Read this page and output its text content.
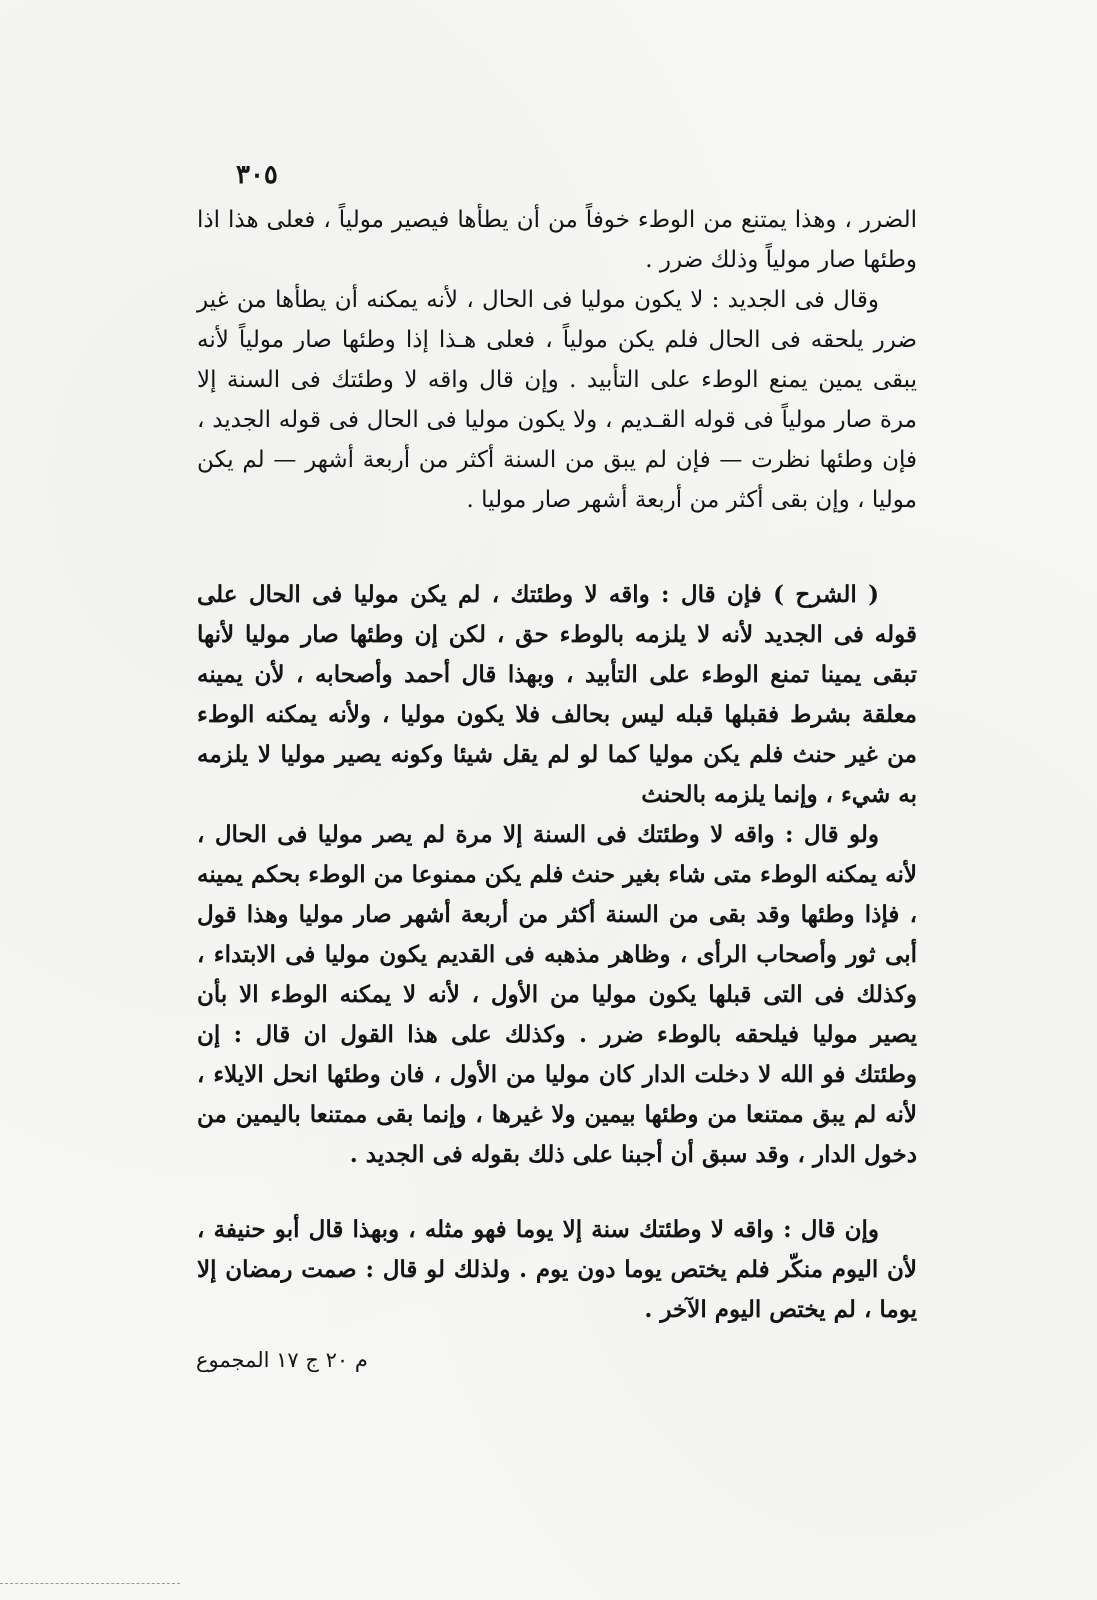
٣٠٥

الضرر ، وهذا يمتنع من الوطء خوفاً من أن يطأها فيصير مولياً ، فعلى هذا اذا وطئها صار مولياً وذلك ضرر .

وقال فى الجديد : لا يكون موليا فى الحال ، لأنه يمكنه أن يطأها من غير ضرر يلحقه فى الحال فلم يكن مولياً ، فعلى هـذا إذا وطئها صار مولياً لأنه يبقى يمين يمنع الوطء على التأبيد . وإن قال واقه لا وطئتك فى السنة إلا مرة صار مولياً فى قوله القـديم ، ولا يكون موليا فى الحال فى قوله الجديد ، فإن وطئها نظرت — فإن لم يبق من السنة أكثر من أربعة أشهر — لم يكن موليا ، وإن بقى أكثر من أربعة أشهر صار موليا .

( الشرح ) فإن قال : واقه لا وطئتك ، لم يكن موليا فى الحال على قوله فى الجديد لأنه لا يلزمه بالوطء حق ، لكن إن وطئها صار موليا لأنها تبقى يمينا تمنع الوطء على التأبيد ، وبهذا قال أحمد وأصحابه ، لأن يمينه معلقة بشرط فقبلها قبله ليس بحالف فلا يكون موليا ، ولأنه يمكنه الوطء من غير حنث فلم يكن موليا كما لو لم يقل شيئا وكونه يصير موليا لا يلزمه به شيء ، وإنما يلزمه بالحنث

ولو قال : واقه لا وطئتك فى السنة إلا مرة لم يصر موليا فى الحال ، لأنه يمكنه الوطء متى شاء بغير حنث فلم يكن ممنوعا من الوطء بحكم يمينه ، فإذا وطئها وقد بقى من السنة أكثر من أربعة أشهر صار موليا وهذا قول أبى ثور وأصحاب الرأى ، وظاهر مذهبه فى القديم يكون موليا فى الابتداء ، وكذلك فى التى قبلها يكون موليا من الأول ، لأنه لا يمكنه الوطء الا بأن يصير موليا فيلحقه بالوطء ضرر . وكذلك على هذا القول ان قال : إن وطئتك فو الله لا دخلت الدار كان موليا من الأول ، فان وطئها انحل الايلاء ، لأنه لم يبق ممتنعا من وطئها بيمين ولا غيرها ، وإنما بقى ممتنعا باليمين من دخول الدار ، وقد سبق أن أجبنا على ذلك بقوله فى الجديد .

وإن قال : واقه لا وطئتك سنة إلا يوما فهو مثله ، وبهذا قال أبو حنيفة ، لأن اليوم منكّر فلم يختص يوما دون يوم . ولذلك لو قال : صمت رمضان إلا يوما ، لم يختص اليوم الآخر .

م ٢٠ ج ١٧ المجموع
